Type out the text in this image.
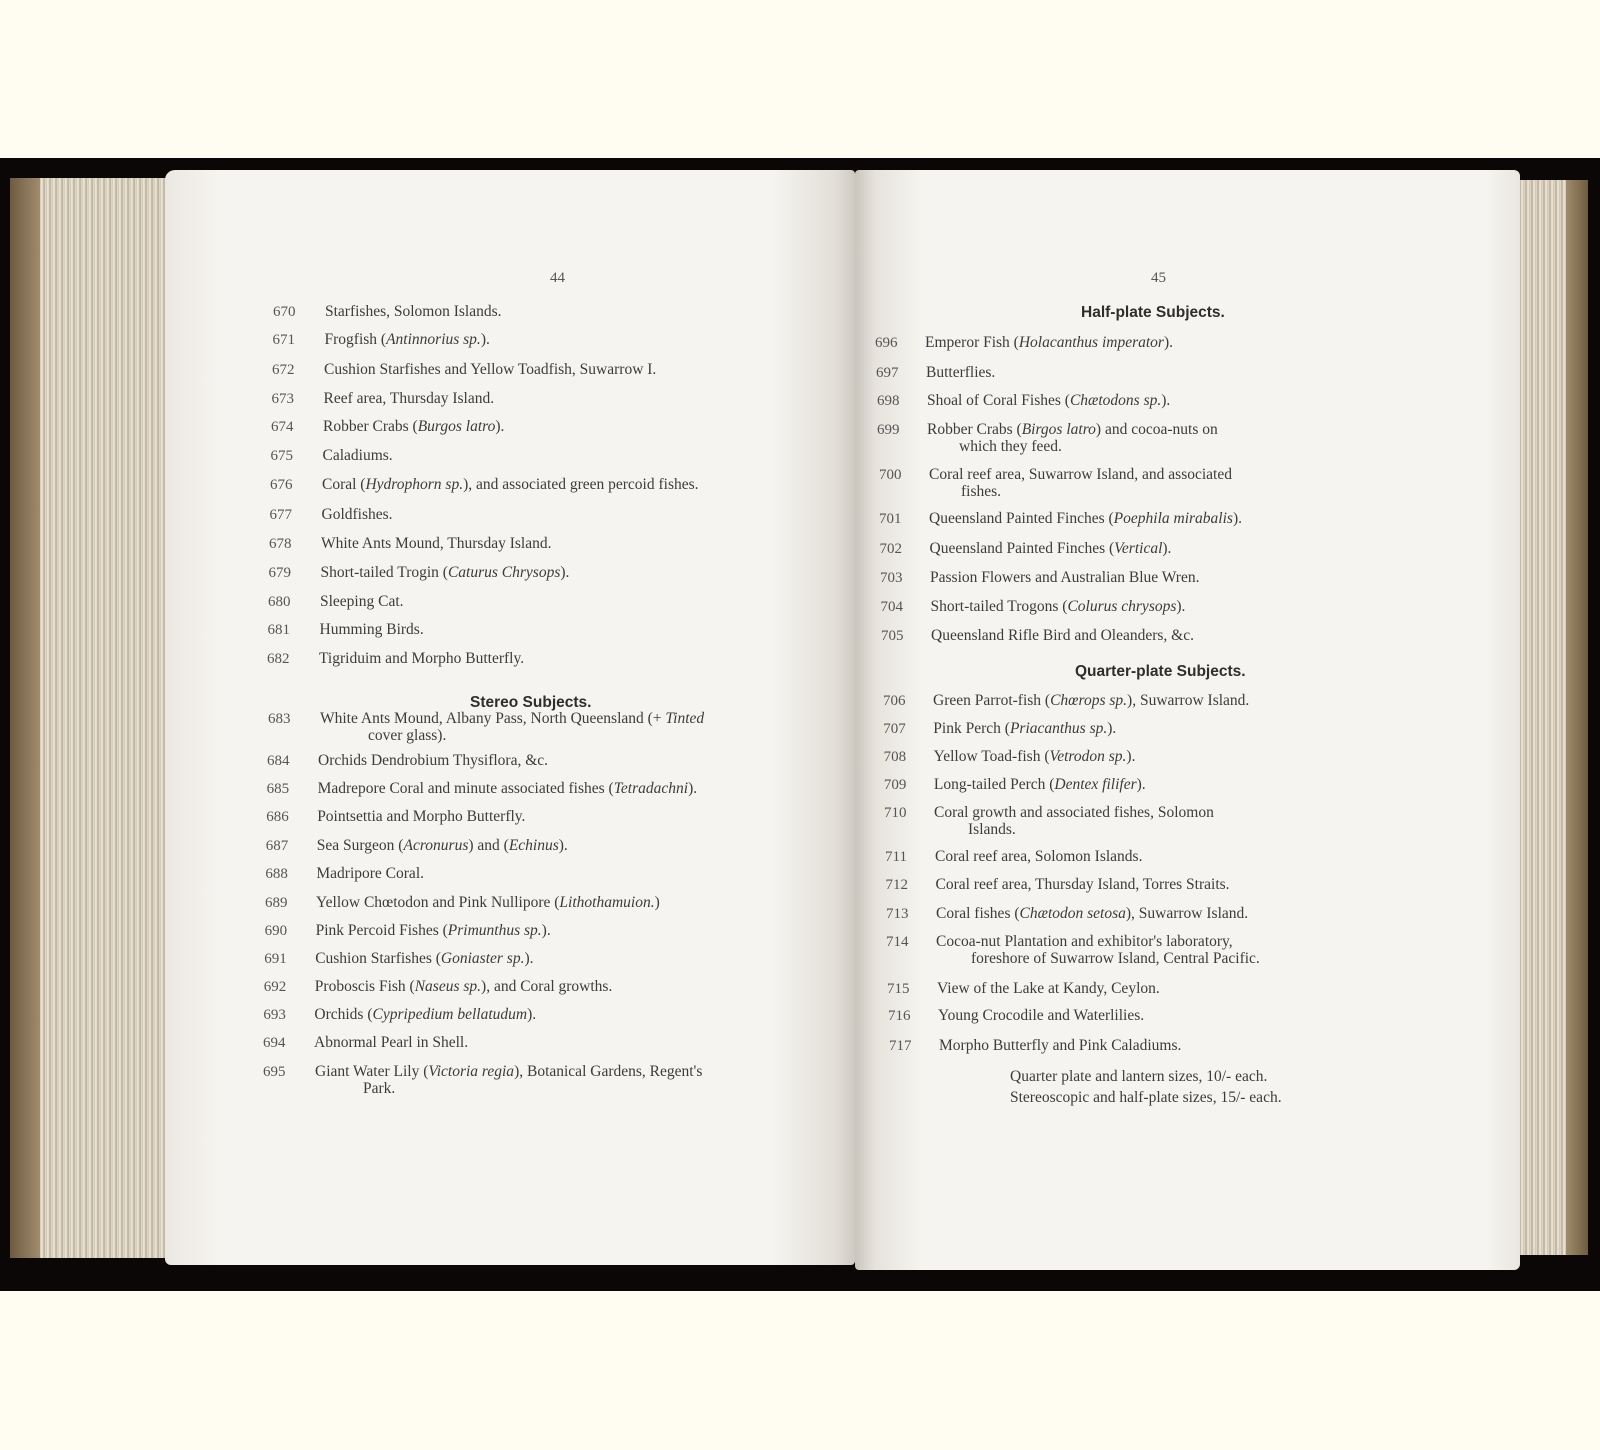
44
670 Starfishes, Solomon Islands.
671 Frogfish (Antinnorius sp.).
672 Cushion Starfishes and Yellow Toadfish, Suwarrow I.
673 Reef area, Thursday Island.
674 Robber Crabs (Burgos latro).
675 Caladiums.
676 Coral (Hydrophorn sp.), and associated green percoid fishes.
677 Goldfishes.
678 White Ants Mound, Thursday Island.
679 Short-tailed Trogin (Caturus Chrysops).
680 Sleeping Cat.
681 Humming Birds.
682 Tigriduim and Morpho Butterfly.
683 White Ants Mound, Albany Pass, North Queensland (+ Tinted
cover glass).
684 Orchids Dendrobium Thysiflora, &c.
685 Madrepore Coral and minute associated fishes (Tetradachni).
686 Pointsettia and Morpho Butterfly.
687 Sea Surgeon (Acronurus) and (Echinus).
688 Madripore Coral.
689 Yellow Chœtodon and Pink Nullipore (Lithothamuion.)
690 Pink Percoid Fishes (Primunthus sp.).
691 Cushion Starfishes (Goniaster sp.).
692 Proboscis Fish (Naseus sp.), and Coral growths.
693 Orchids (Cypripedium bellatudum).
694 Abnormal Pearl in Shell.
695 Giant Water Lily (Victoria regia), Botanical Gardens, Regent's
Park.
Stereo Subjects.
45
Half-plate Subjects.
Quarter-plate Subjects.
696 Emperor Fish (Holacanthus imperator).
697 Butterflies.
698 Shoal of Coral Fishes (Chætodons sp.).
699 Robber Crabs (Birgos latro) and cocoa-nuts on
which they feed.
700 Coral reef area, Suwarrow Island, and associated
fishes.
701 Queensland Painted Finches (Poephila mirabalis).
702 Queensland Painted Finches (Vertical).
703 Passion Flowers and Australian Blue Wren.
704 Short-tailed Trogons (Colurus chrysops).
705 Queensland Rifle Bird and Oleanders, &c.
706 Green Parrot-fish (Chœrops sp.), Suwarrow Island.
707 Pink Perch (Priacanthus sp.).
708 Yellow Toad-fish (Vetrodon sp.).
709 Long-tailed Perch (Dentex filifer).
710 Coral growth and associated fishes, Solomon
Islands.
711 Coral reef area, Solomon Islands.
712 Coral reef area, Thursday Island, Torres Straits.
713 Coral fishes (Chætodon setosa), Suwarrow Island.
714 Cocoa-nut Plantation and exhibitor's laboratory,
foreshore of Suwarrow Island, Central Pacific.
715 View of the Lake at Kandy, Ceylon.
716 Young Crocodile and Waterlilies.
717 Morpho Butterfly and Pink Caladiums.
Quarter plate and lantern sizes, 10/- each.
Stereoscopic and half-plate sizes, 15/- each.
